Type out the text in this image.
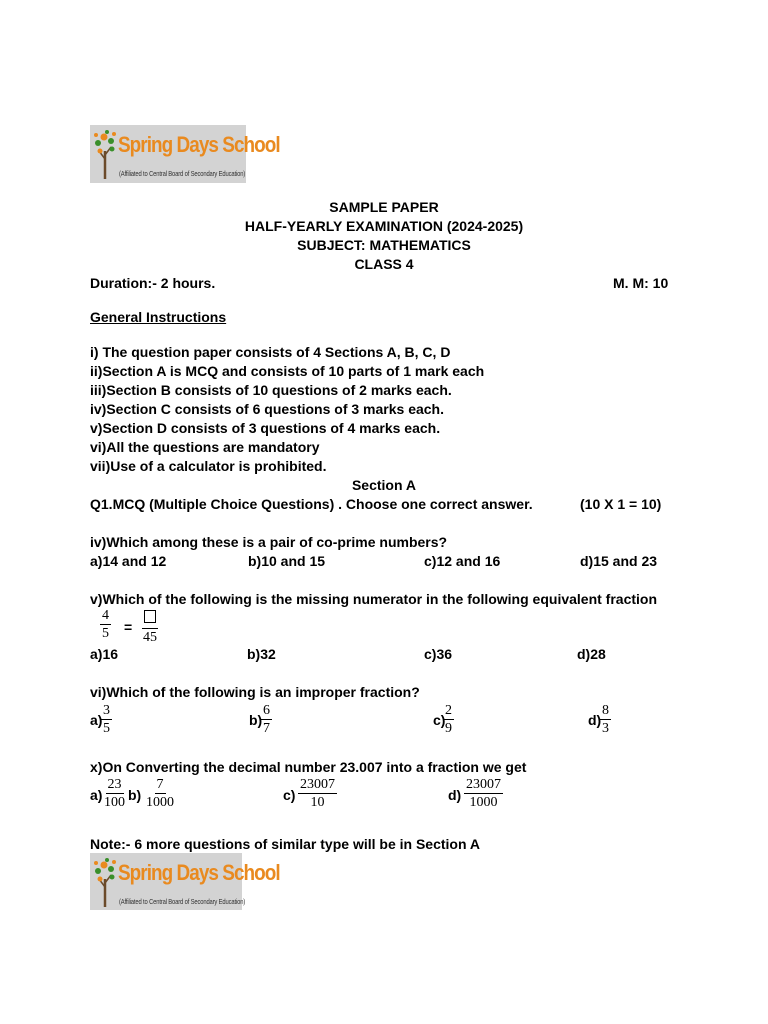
Spring Days School
(Affiliated to Central Board of Secondary Education)
SAMPLE PAPER
HALF-YEARLY EXAMINATION (2024-2025)
SUBJECT: MATHEMATICS
CLASS 4
Duration:- 2 hours.	M. M: 10
General Instructions
i) The question paper consists of 4 Sections A, B, C, D
ii)Section A is MCQ and consists of 10 parts of 1 mark each
iii)Section B consists of 10 questions of 2 marks each.
iv)Section C consists of 6 questions of 3 marks each.
v)Section D consists of 3 questions of 4 marks each.
vi)All the questions are mandatory
vii)Use of a calculator is prohibited.
Section A
Q1.MCQ (Multiple Choice Questions) . Choose one correct answer.	(10 X 1 = 10)
iv)Which among these is a pair of co-prime numbers?
a)14 and 12	b)10 and 15	c)12 and 16	d)15 and 23
v)Which of the following is the missing numerator in the following equivalent fraction
$\frac{4}{5}$ =
45
a)16	b)32	c)36	d)28
vi)Which of the following is an improper fraction?
a)
$\frac{3}{5}$	b)
$\frac{6}{7}$	c)
$\frac{2}{9}$	d)
$\frac{8}{3}$
x)On Converting the decimal number 23.007 into a fraction we get
$a) \frac{23}{100} b) \frac{7}{1000}$	$c) \frac{23007}{10}$	$d) \frac{23007}{1000}$
Note:- 6 more questions of similar type will be in Section A
Spring Days School
(Affiliated to Central Board of Secondary Education)
